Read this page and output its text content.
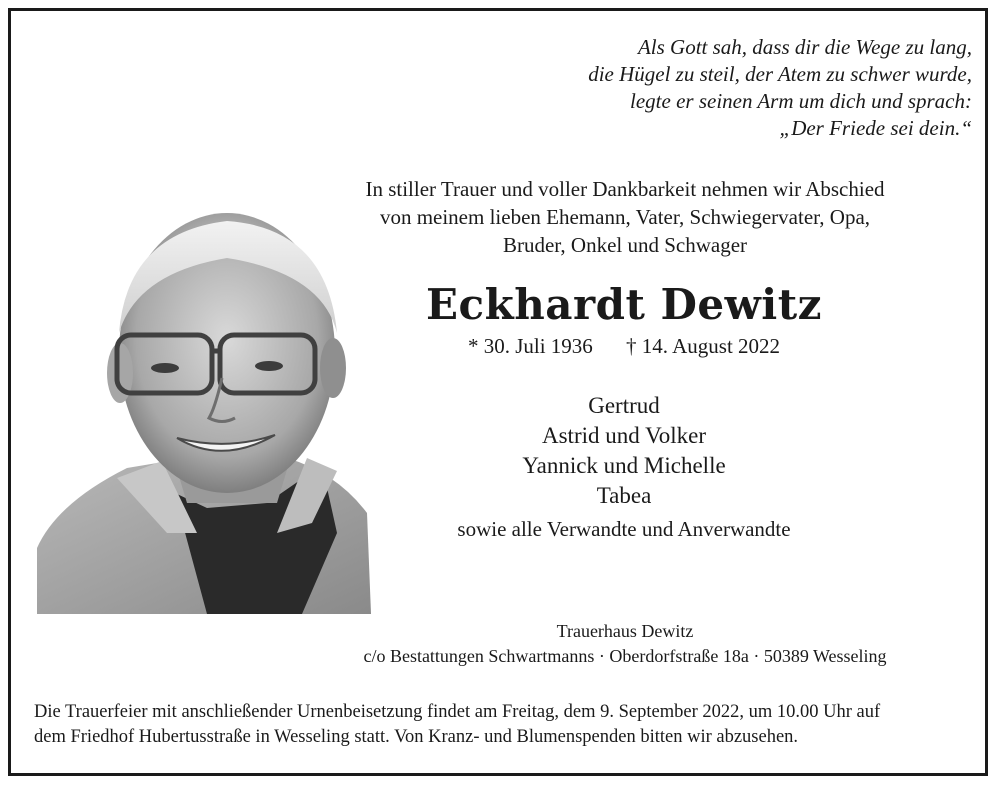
Als Gott sah, dass dir die Wege zu lang,
die Hügel zu steil, der Atem zu schwer wurde,
legte er seinen Arm um dich und sprach:
„Der Friede sei dein.“
In stiller Trauer und voller Dankbarkeit nehmen wir Abschied
von meinem lieben Ehemann, Vater, Schwiegervater, Opa,
Bruder, Onkel und Schwager
Eckhardt Dewitz
* 30. Juli 1936 † 14. August 2022
Gertrud
Astrid und Volker
Yannick und Michelle
Tabea
sowie alle Verwandte und Anverwandte
Trauerhaus Dewitz
c/o Bestattungen Schwartmanns · Oberdorfstraße 18a · 50389 Wesseling
Die Trauerfeier mit anschließender Urnenbeisetzung findet am Freitag, dem 9. September 2022, um 10.00 Uhr auf
dem Friedhof Hubertusstraße in Wesseling statt. Von Kranz- und Blumenspenden bitten wir abzusehen.
